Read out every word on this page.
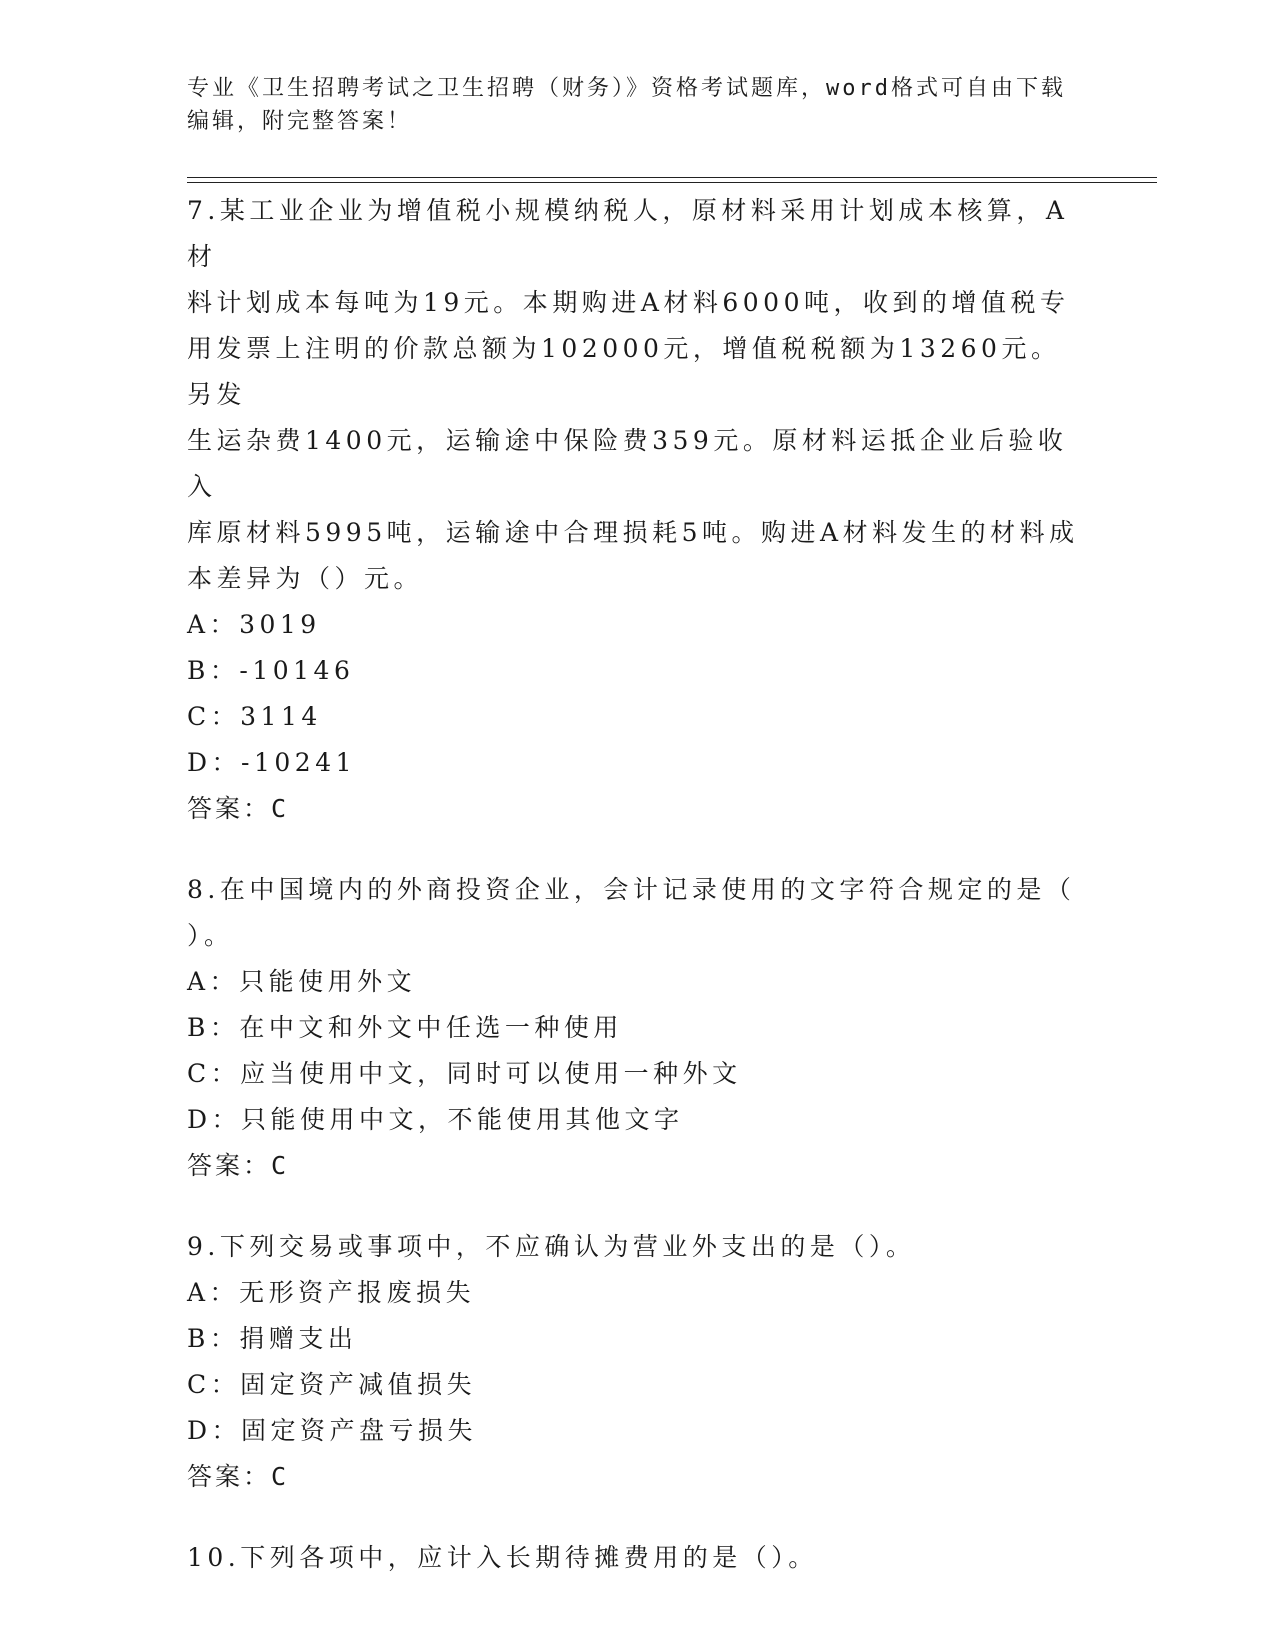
专业《卫生招聘考试之卫生招聘（财务）》资格考试题库，word格式可自由下载
编辑，附完整答案！

7.某工业企业为增值税小规模纳税人，原材料采用计划成本核算，A材

料计划成本每吨为19元。本期购进A材料6000吨，收到的增值税专

用发票上注明的价款总额为102000元，增值税税额为13260元。另发

生运杂费1400元，运输途中保险费359元。原材料运抵企业后验收入

库原材料5995吨，运输途中合理损耗5吨。购进A材料发生的材料成

本差异为（）元。

A： 3019
B： -10146
C： 3114
D： -10241

答案：C

8.在中国境内的外商投资企业，会计记录使用的文字符合规定的是（

）。

A： 只能使用外文
B： 在中文和外文中任选一种使用
C： 应当使用中文，同时可以使用一种外文
D： 只能使用中文，不能使用其他文字

答案：C

9.下列交易或事项中，不应确认为营业外支出的是（）。

A： 无形资产报废损失
B： 捐赠支出
C： 固定资产减值损失
D： 固定资产盘亏损失

答案：C

10.下列各项中，应计入长期待摊费用的是（）。
